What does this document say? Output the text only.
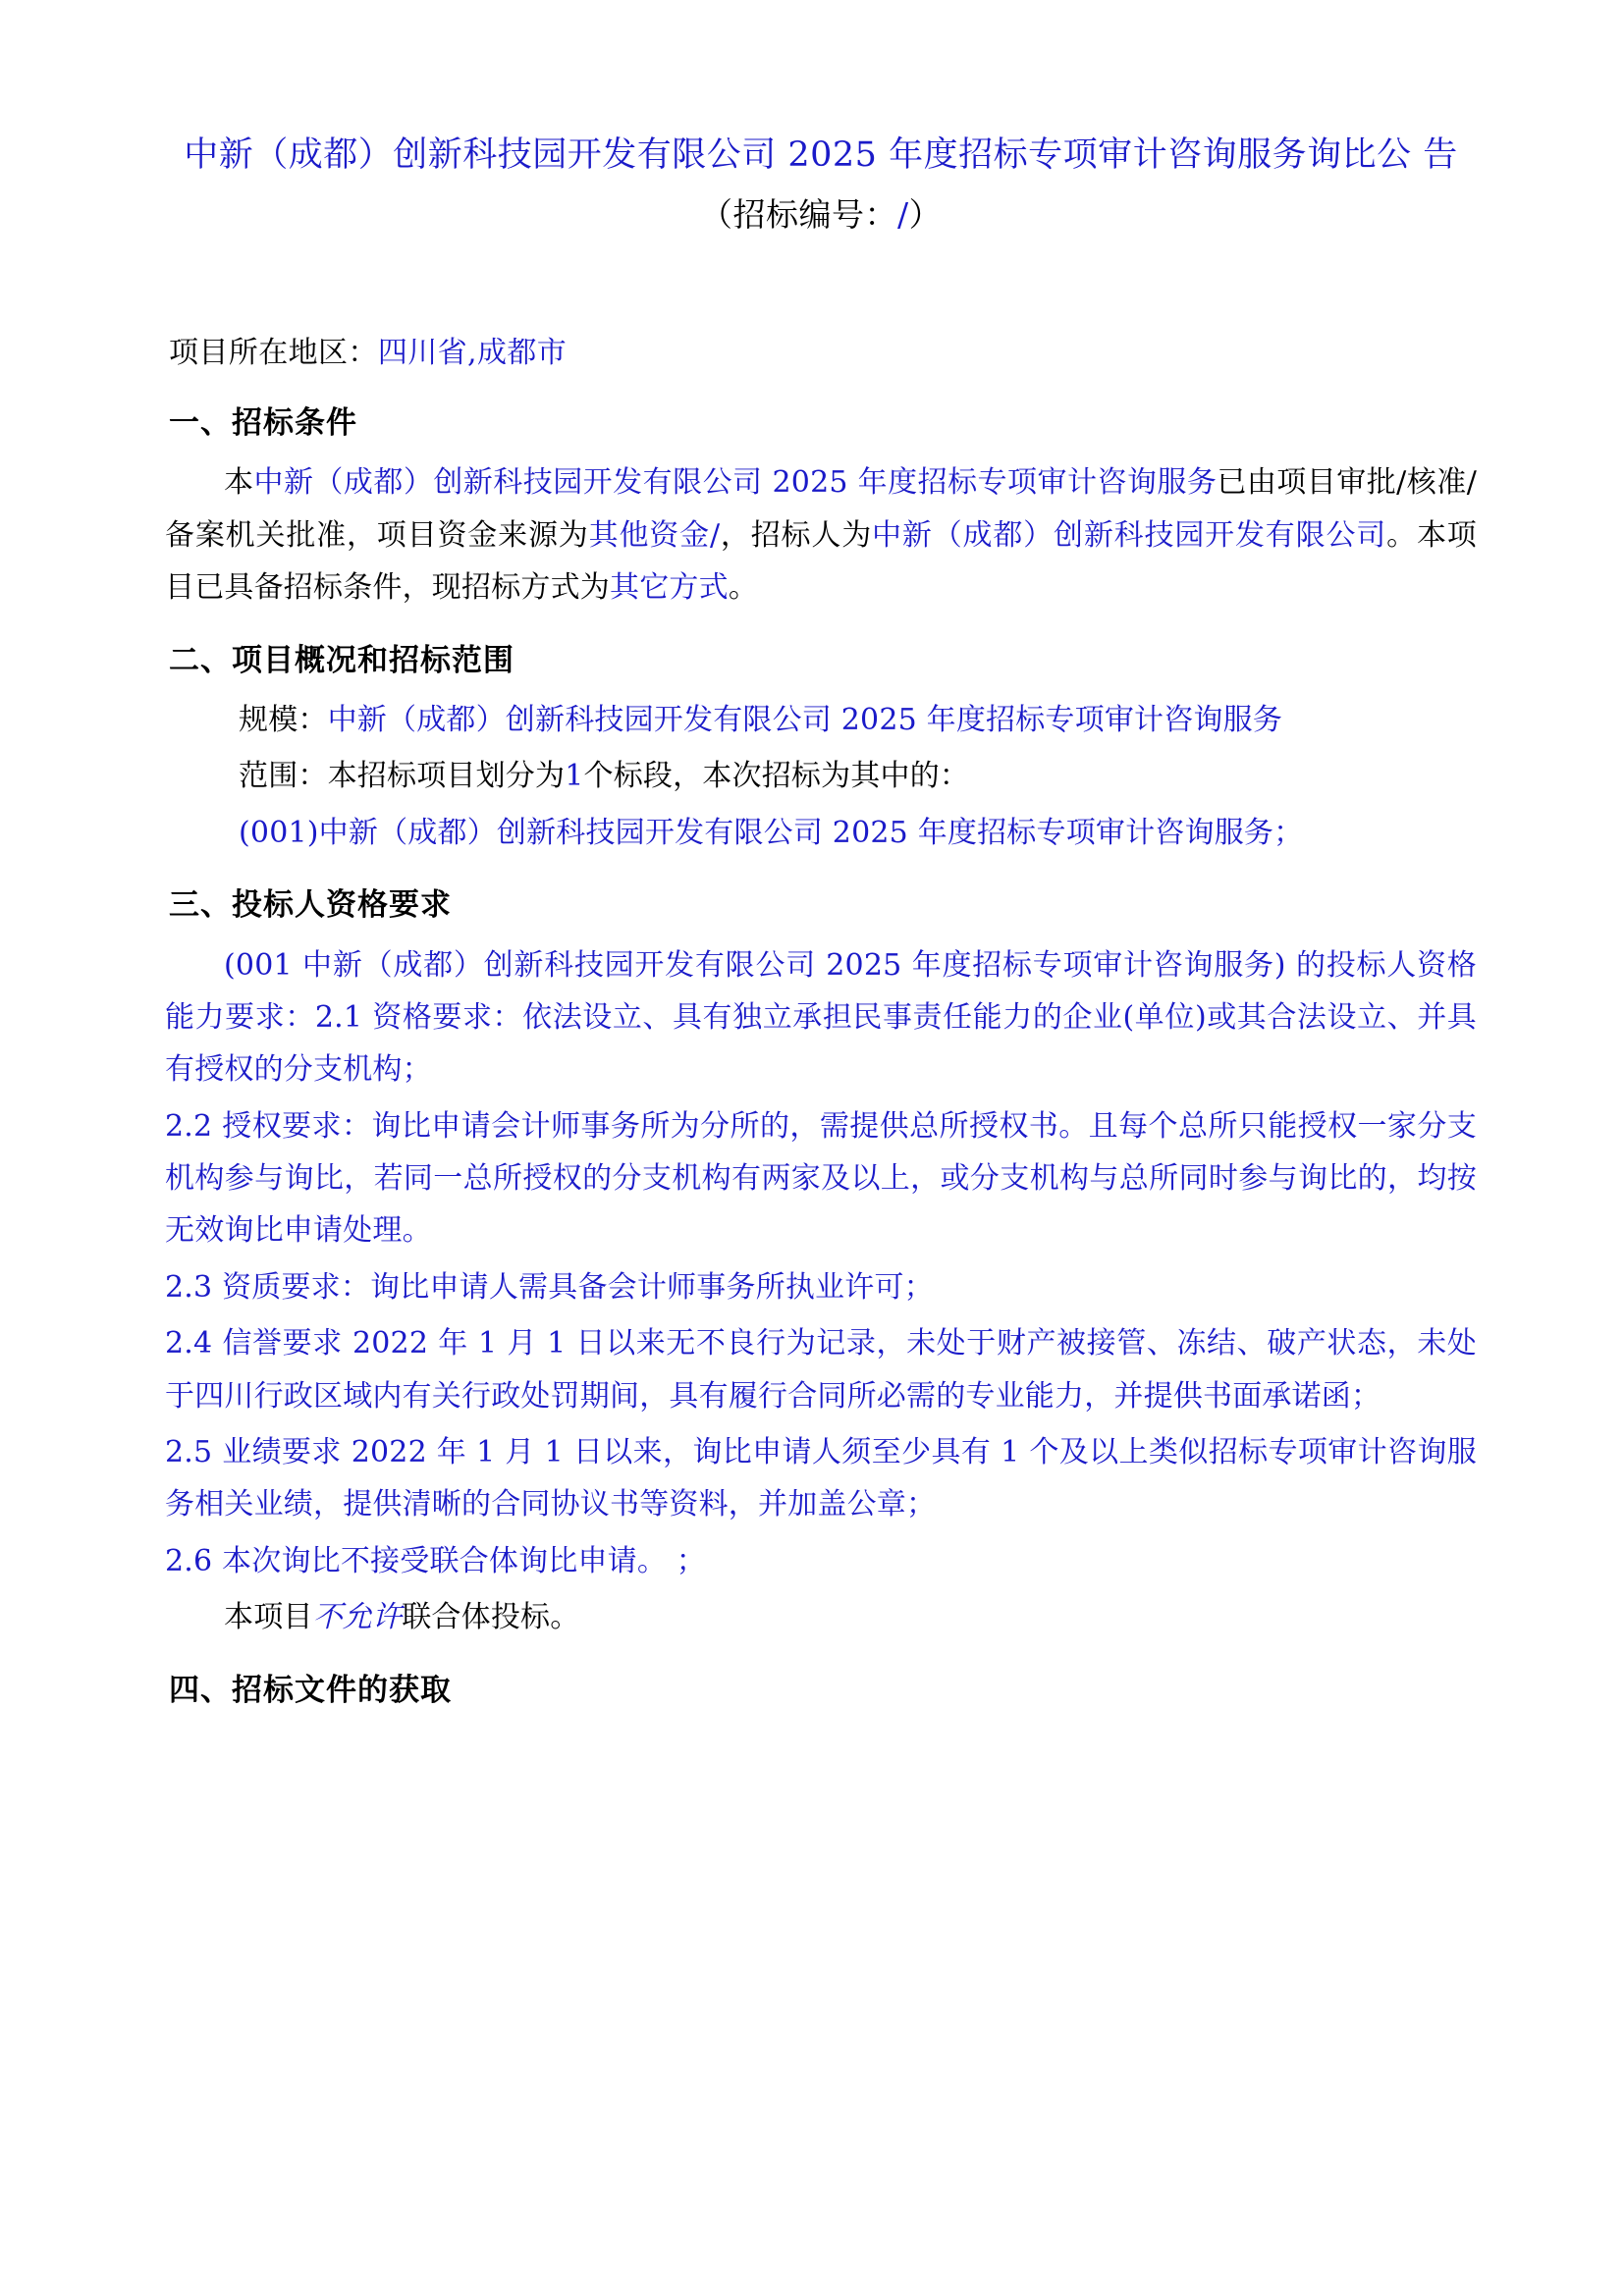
中新（成都）创新科技园开发有限公司 2025 年度招标专项审计咨询服务询比公 告
（招标编号：/）

项目所在地区：四川省,成都市

一、招标条件

本中新（成都）创新科技园开发有限公司 2025 年度招标专项审计咨询服务已由项目审批/核准/备案机关批准，项目资金来源为其他资金/，招标人为中新（成都）创新科技园开发有限公司。本项目已具备招标条件，现招标方式为其它方式。

二、项目概况和招标范围

规模：中新（成都）创新科技园开发有限公司 2025 年度招标专项审计咨询服务

范围：本招标项目划分为1个标段，本次招标为其中的：

(001)中新（成都）创新科技园开发有限公司 2025 年度招标专项审计咨询服务；

三、投标人资格要求

(001 中新（成都）创新科技园开发有限公司 2025 年度招标专项审计咨询服务) 的投标人资格能力要求：2.1 资格要求：依法设立、具有独立承担民事责任能力的企业(单位)或其合法设立、并具有授权的分支机构；

2.2 授权要求：询比申请会计师事务所为分所的，需提供总所授权书。且每个总所只能授权一家分支机构参与询比，若同一总所授权的分支机构有两家及以上，或分支机构与总所同时参与询比的，均按无效询比申请处理。

2.3 资质要求：询比申请人需具备会计师事务所执业许可；

2.4 信誉要求 2022 年 1 月 1 日以来无不良行为记录，未处于财产被接管、冻结、破产状态，未处于四川行政区域内有关行政处罚期间，具有履行合同所必需的专业能力，并提供书面承诺函；

2.5 业绩要求 2022 年 1 月 1 日以来，询比申请人须至少具有 1 个及以上类似招标专项审计咨询服务相关业绩，提供清晰的合同协议书等资料，并加盖公章；

2.6 本次询比不接受联合体询比申请。 ；

本项目不允许联合体投标。

四、招标文件的获取
